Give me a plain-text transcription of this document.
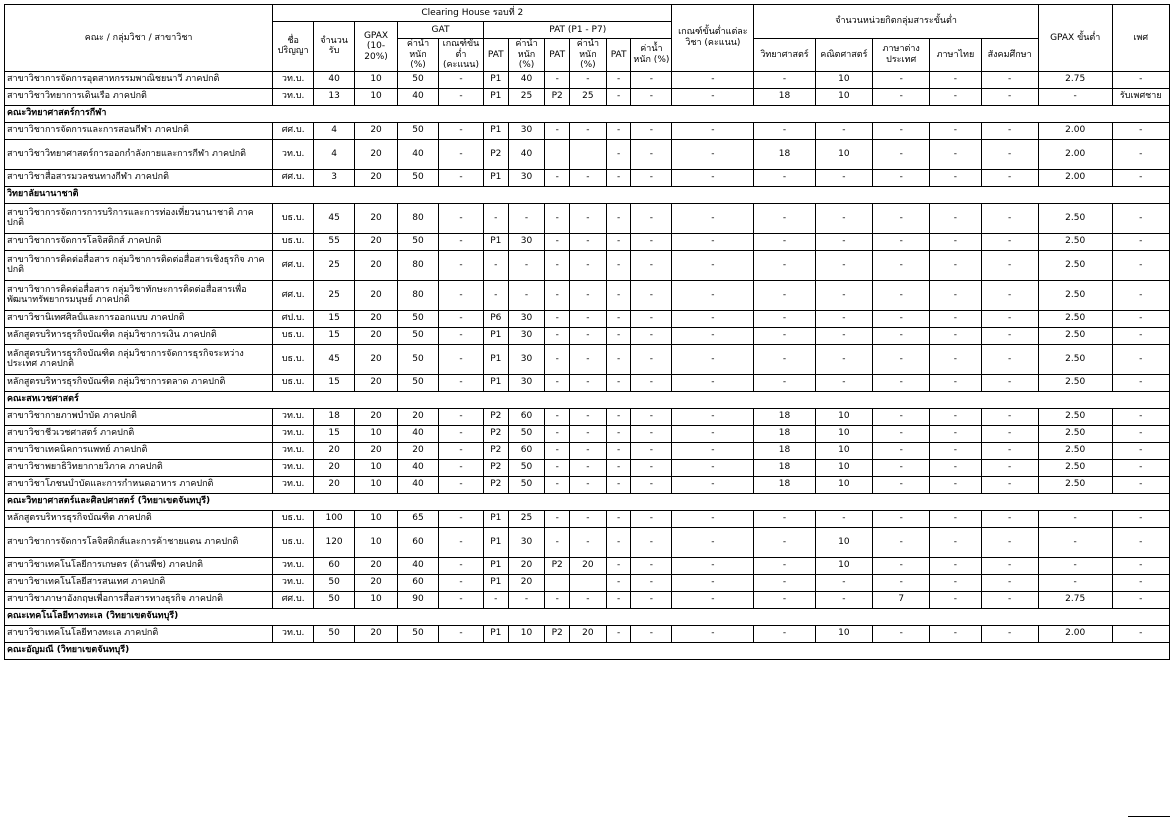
คณะ / กลุ่มวิชา / สาขาวิชา	Clearing House รอบที่ 2											เกณฑ์ขั้นต่ำแต่ละวิชา (คะแนน)	จำนวนหน่วยกิตกลุ่มสาระขั้นต่ำ					GPAX ขั้นต่ำ	เพศ
	ชื่อปริญญา	จำนวนรับ	GPAX (10-20%)	GAT		PAT (P1 - P7)													
				ค่าน้ำหนัก (%)	เกณฑ์ขั้นต่ำ (คะแนน)	PAT	ค่าน้ำหนัก (%)	PAT	ค่าน้ำหนัก (%)	PAT	ค่าน้ำหนัก (%)		วิทยาศาสตร์	คณิตศาสตร์	ภาษาต่างประเทศ	ภาษาไทย	สังคมศึกษา		

สาขาวิชาการจัดการอุตสาหกรรมพาณิชยนาวี ภาคปกติ	วท.บ.	40	10	50	-	P1	40	-	-	-	-	-	-	10	-	-	-	2.75	-
สาขาวิชาวิทยาการเดินเรือ ภาคปกติ	วท.บ.	13	10	40	-	P1	25	P2	25	-	-	-	18	10	-	-	-	-	รับเพศชาย
คณะวิทยาศาสตร์การกีฬา																			
สาขาวิชาการจัดการและการสอนกีฬา ภาคปกติ	ศศ.บ.	4	20	50	-	P1	30	-	-	-	-	-	-	-	-	-	-	2.00	-
สาขาวิชาวิทยาศาสตร์การออกกำลังกายและการกีฬา ภาคปกติ	วท.บ.	4	20	40	-	P2	40			-	-	-	18	10	-	-	-	2.00	-
สาขาวิชาสื่อสารมวลชนทางกีฬา ภาคปกติ	ศศ.บ.	3	20	50	-	P1	30	-	-	-	-	-	-	-	-	-	-	2.00	-
วิทยาลัยนานาชาติ																			
สาขาวิชาการจัดการการบริการและการท่องเที่ยวนานาชาติ ภาคปกติ	บธ.บ.	45	20	80	-	-	-	-	-	-	-	-	-	-	-	-	-	2.50	-
สาขาวิชาการจัดการโลจิสติกส์ ภาคปกติ	บธ.บ.	55	20	50	-	P1	30	-	-	-	-	-	-	-	-	-	-	2.50	-
สาขาวิชาการติดต่อสื่อสาร กลุ่มวิชาการติดต่อสื่อสารเชิงธุรกิจ ภาคปกติ	ศศ.บ.	25	20	80	-	-	-	-	-	-	-	-	-	-	-	-	-	2.50	-
สาขาวิชาการติดต่อสื่อสาร กลุ่มวิชาทักษะการติดต่อสื่อสารเพื่อพัฒนาทรัพยากรมนุษย์ ภาคปกติ	ศศ.บ.	25	20	80	-	-	-	-	-	-	-	-	-	-	-	-	-	2.50	-
สาขาวิชานิเทศศิลป์และการออกแบบ ภาคปกติ	ศป.บ.	15	20	50	-	P6	30	-	-	-	-	-	-	-	-	-	-	2.50	-
หลักสูตรบริหารธุรกิจบัณฑิต กลุ่มวิชาการเงิน ภาคปกติ	บธ.บ.	15	20	50	-	P1	30	-	-	-	-	-	-	-	-	-	-	2.50	-
หลักสูตรบริหารธุรกิจบัณฑิต กลุ่มวิชาการจัดการธุรกิจระหว่างประเทศ ภาคปกติ	บธ.บ.	45	20	50	-	P1	30	-	-	-	-	-	-	-	-	-	-	2.50	-
หลักสูตรบริหารธุรกิจบัณฑิต กลุ่มวิชาการตลาด ภาคปกติ	บธ.บ.	15	20	50	-	P1	30	-	-	-	-	-	-	-	-	-	-	2.50	-
คณะสหเวชศาสตร์																			
สาขาวิชากายภาพบำบัด ภาคปกติ	วท.บ.	18	20	20	-	P2	60	-	-	-	-	-	18	10	-	-	-	2.50	-
สาขาวิชาชีวเวชศาสตร์ ภาคปกติ	วท.บ.	15	10	40	-	P2	50	-	-	-	-	-	18	10	-	-	-	2.50	-
สาขาวิชาเทคนิคการแพทย์ ภาคปกติ	วท.บ.	20	20	20	-	P2	60	-	-	-	-	-	18	10	-	-	-	2.50	-
สาขาวิชาพยาธิวิทยากายวิภาค ภาคปกติ	วท.บ.	20	10	40	-	P2	50	-	-	-	-	-	18	10	-	-	-	2.50	-
สาขาวิชาโภชนบำบัดและการกำหนดอาหาร ภาคปกติ	วท.บ.	20	10	40	-	P2	50	-	-	-	-	-	18	10	-	-	-	2.50	-
คณะวิทยาศาสตร์และศิลปศาสตร์ (วิทยาเขตจันทบุรี)																			
หลักสูตรบริหารธุรกิจบัณฑิต ภาคปกติ	บธ.บ.	100	10	65	-	P1	25	-	-	-	-	-	-	-	-	-	-	-	-
สาขาวิชาการจัดการโลจิสติกส์และการค้าชายแดน ภาคปกติ	บธ.บ.	120	10	60	-	P1	30	-	-	-	-	-	-	10	-	-	-	-	-
สาขาวิชาเทคโนโลยีการเกษตร (ด้านพืช) ภาคปกติ	วท.บ.	60	20	40	-	P1	20	P2	20	-	-	-	-	10	-	-	-	-	-
สาขาวิชาเทคโนโลยีสารสนเทศ ภาคปกติ	วท.บ.	50	20	60	-	P1	20			-	-	-	-	-	-	-	-	-	-
สาขาวิชาภาษาอังกฤษเพื่อการสื่อสารทางธุรกิจ ภาคปกติ	ศศ.บ.	50	10	90	-	-	-	-	-	-	-	-	-	-	7	-	-	2.75	-
คณะเทคโนโลยีทางทะเล (วิทยาเขตจันทบุรี)																			
สาขาวิชาเทคโนโลยีทางทะเล ภาคปกติ	วท.บ.	50	20	50	-	P1	10	P2	20	-	-	-	-	10	-	-	-	2.00	-
คณะอัญมณี (วิทยาเขตจันทบุรี)																			
